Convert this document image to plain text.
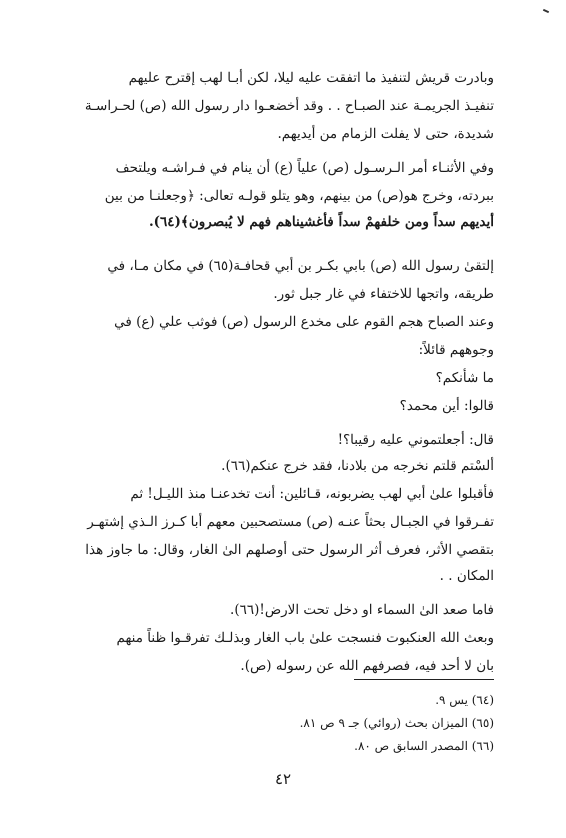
وبادرت قريش لتنفيذ ما اتفقت عليه ليلا، لكن أبـا لهب إقترح عليهم
تنفيـذ الجريمـة عند الصبـاح . . وقد أخضعـوا دار رسول الله (ص) لحـراسـة
شديدة، حتى لا يفلت الزمام من أيديهم.
وفي الأثنـاء أمر الـرسـول (ص) علياً (ع) أن ينام في فـراشـه ويلتحف
ببردته، وخرج هو(ص) من بينهم، وهو يتلو قولـه تعالى: ﴿وجعلنـا من بين
أيديهم سداً ومن خلفهمْ سداً فأغشيناهم فهم لا يُبصرون﴾(٦٤).
إلتقىٰ رسول الله (ص) بابي بكـر بن أبي قحافـة(٦٥) في مكان مـا، في
طريقه، واتجها للاختفاء في غار جبل ثور.
وعند الصباح هجم القوم على مخدع الرسول (ص) فوثب علي (ع) في
وجوههم قائلاً:
ما شأنكم؟
قالوا: أين محمد؟
قال: أجعلتموني عليه رقيبا؟!
ألسْتم قلتم نخرجه من بلادنا، فقد خرج عنكم(٦٦).
فأقبلوا علىٰ أبي لهب يضربونه، قـائلين: أنت تخدعنـا منذ الليـل! ثم
تفـرقوا في الجبـال بحثاً عنـه (ص) مستصحبين معهم أبا كـرز الـذي إشتهـر
بتقصي الأثر، فعرف أثر الرسول حتى أوصلهم الىٰ الغار، وقال: ما جاوز هذا
المكان . .
فاما صعد الىٰ السماء او دخل تحت الارض!(٦٦).
وبعث الله العنكبوت فنسجت علىٰ باب الغار وبذلـك تفرقـوا ظناً منهم
بان لا أحد فيه، فصرفهم الله عن رسوله (ص).
(٦٤) يس ٩.
(٦٥) الميزان بحث (روائي) جـ ٩ ص ٨١.
(٦٦) المصدر السابق ص ٨٠.
٤٢
